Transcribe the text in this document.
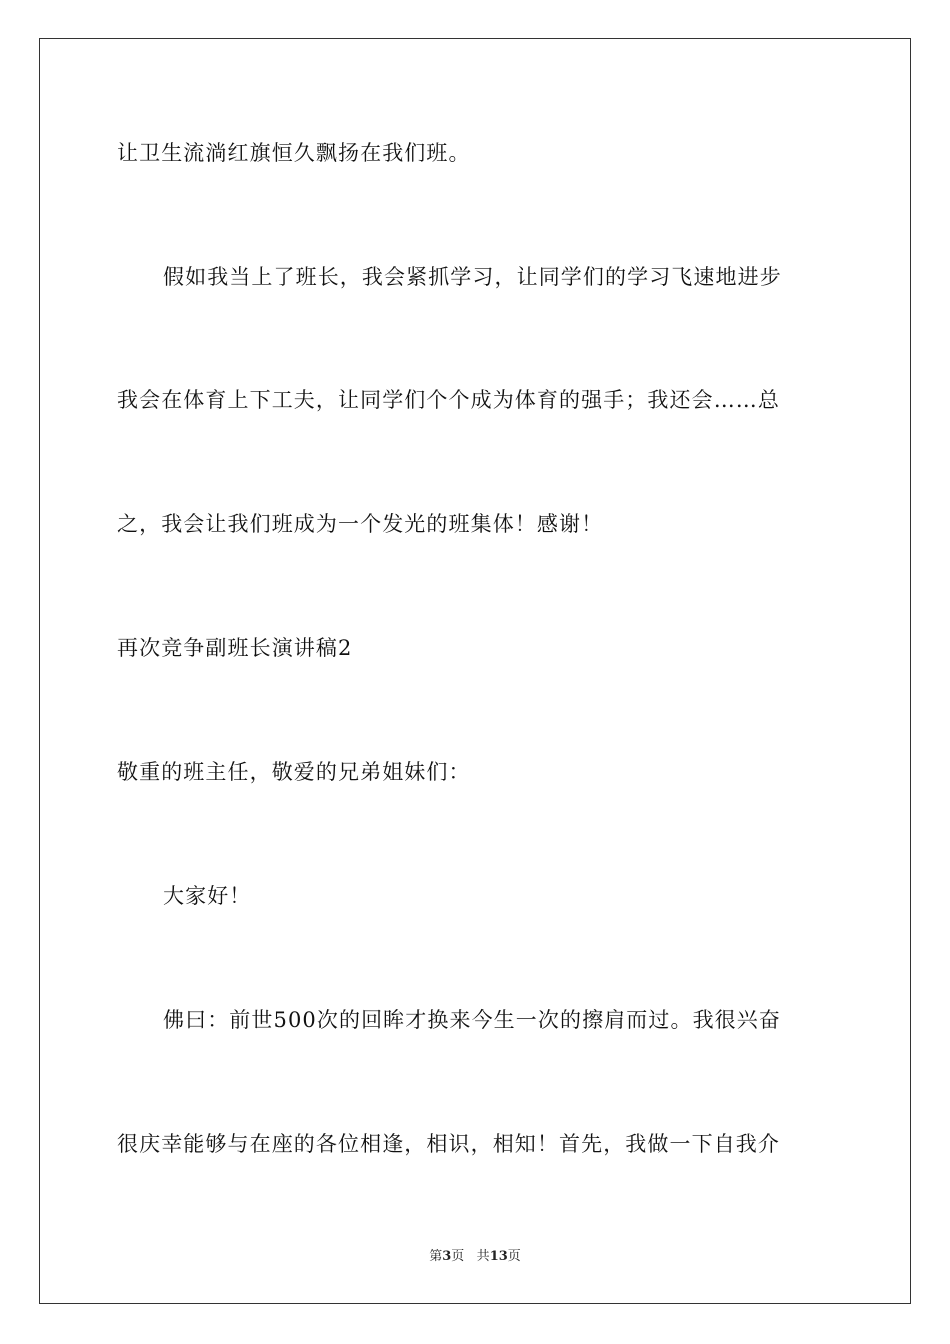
让卫生流淌红旗恒久飘扬在我们班。
假如我当上了班长，我会紧抓学习，让同学们的学习飞速地进步
我会在体育上下工夫，让同学们个个成为体育的强手；我还会……总
之，我会让我们班成为一个发光的班集体！感谢！
再次竞争副班长演讲稿2
敬重的班主任，敬爱的兄弟姐妹们：
大家好！
佛曰：前世500次的回眸才换来今生一次的擦肩而过。我很兴奋
很庆幸能够与在座的各位相逢，相识，相知！首先，我做一下自我介
第3页 共13页
